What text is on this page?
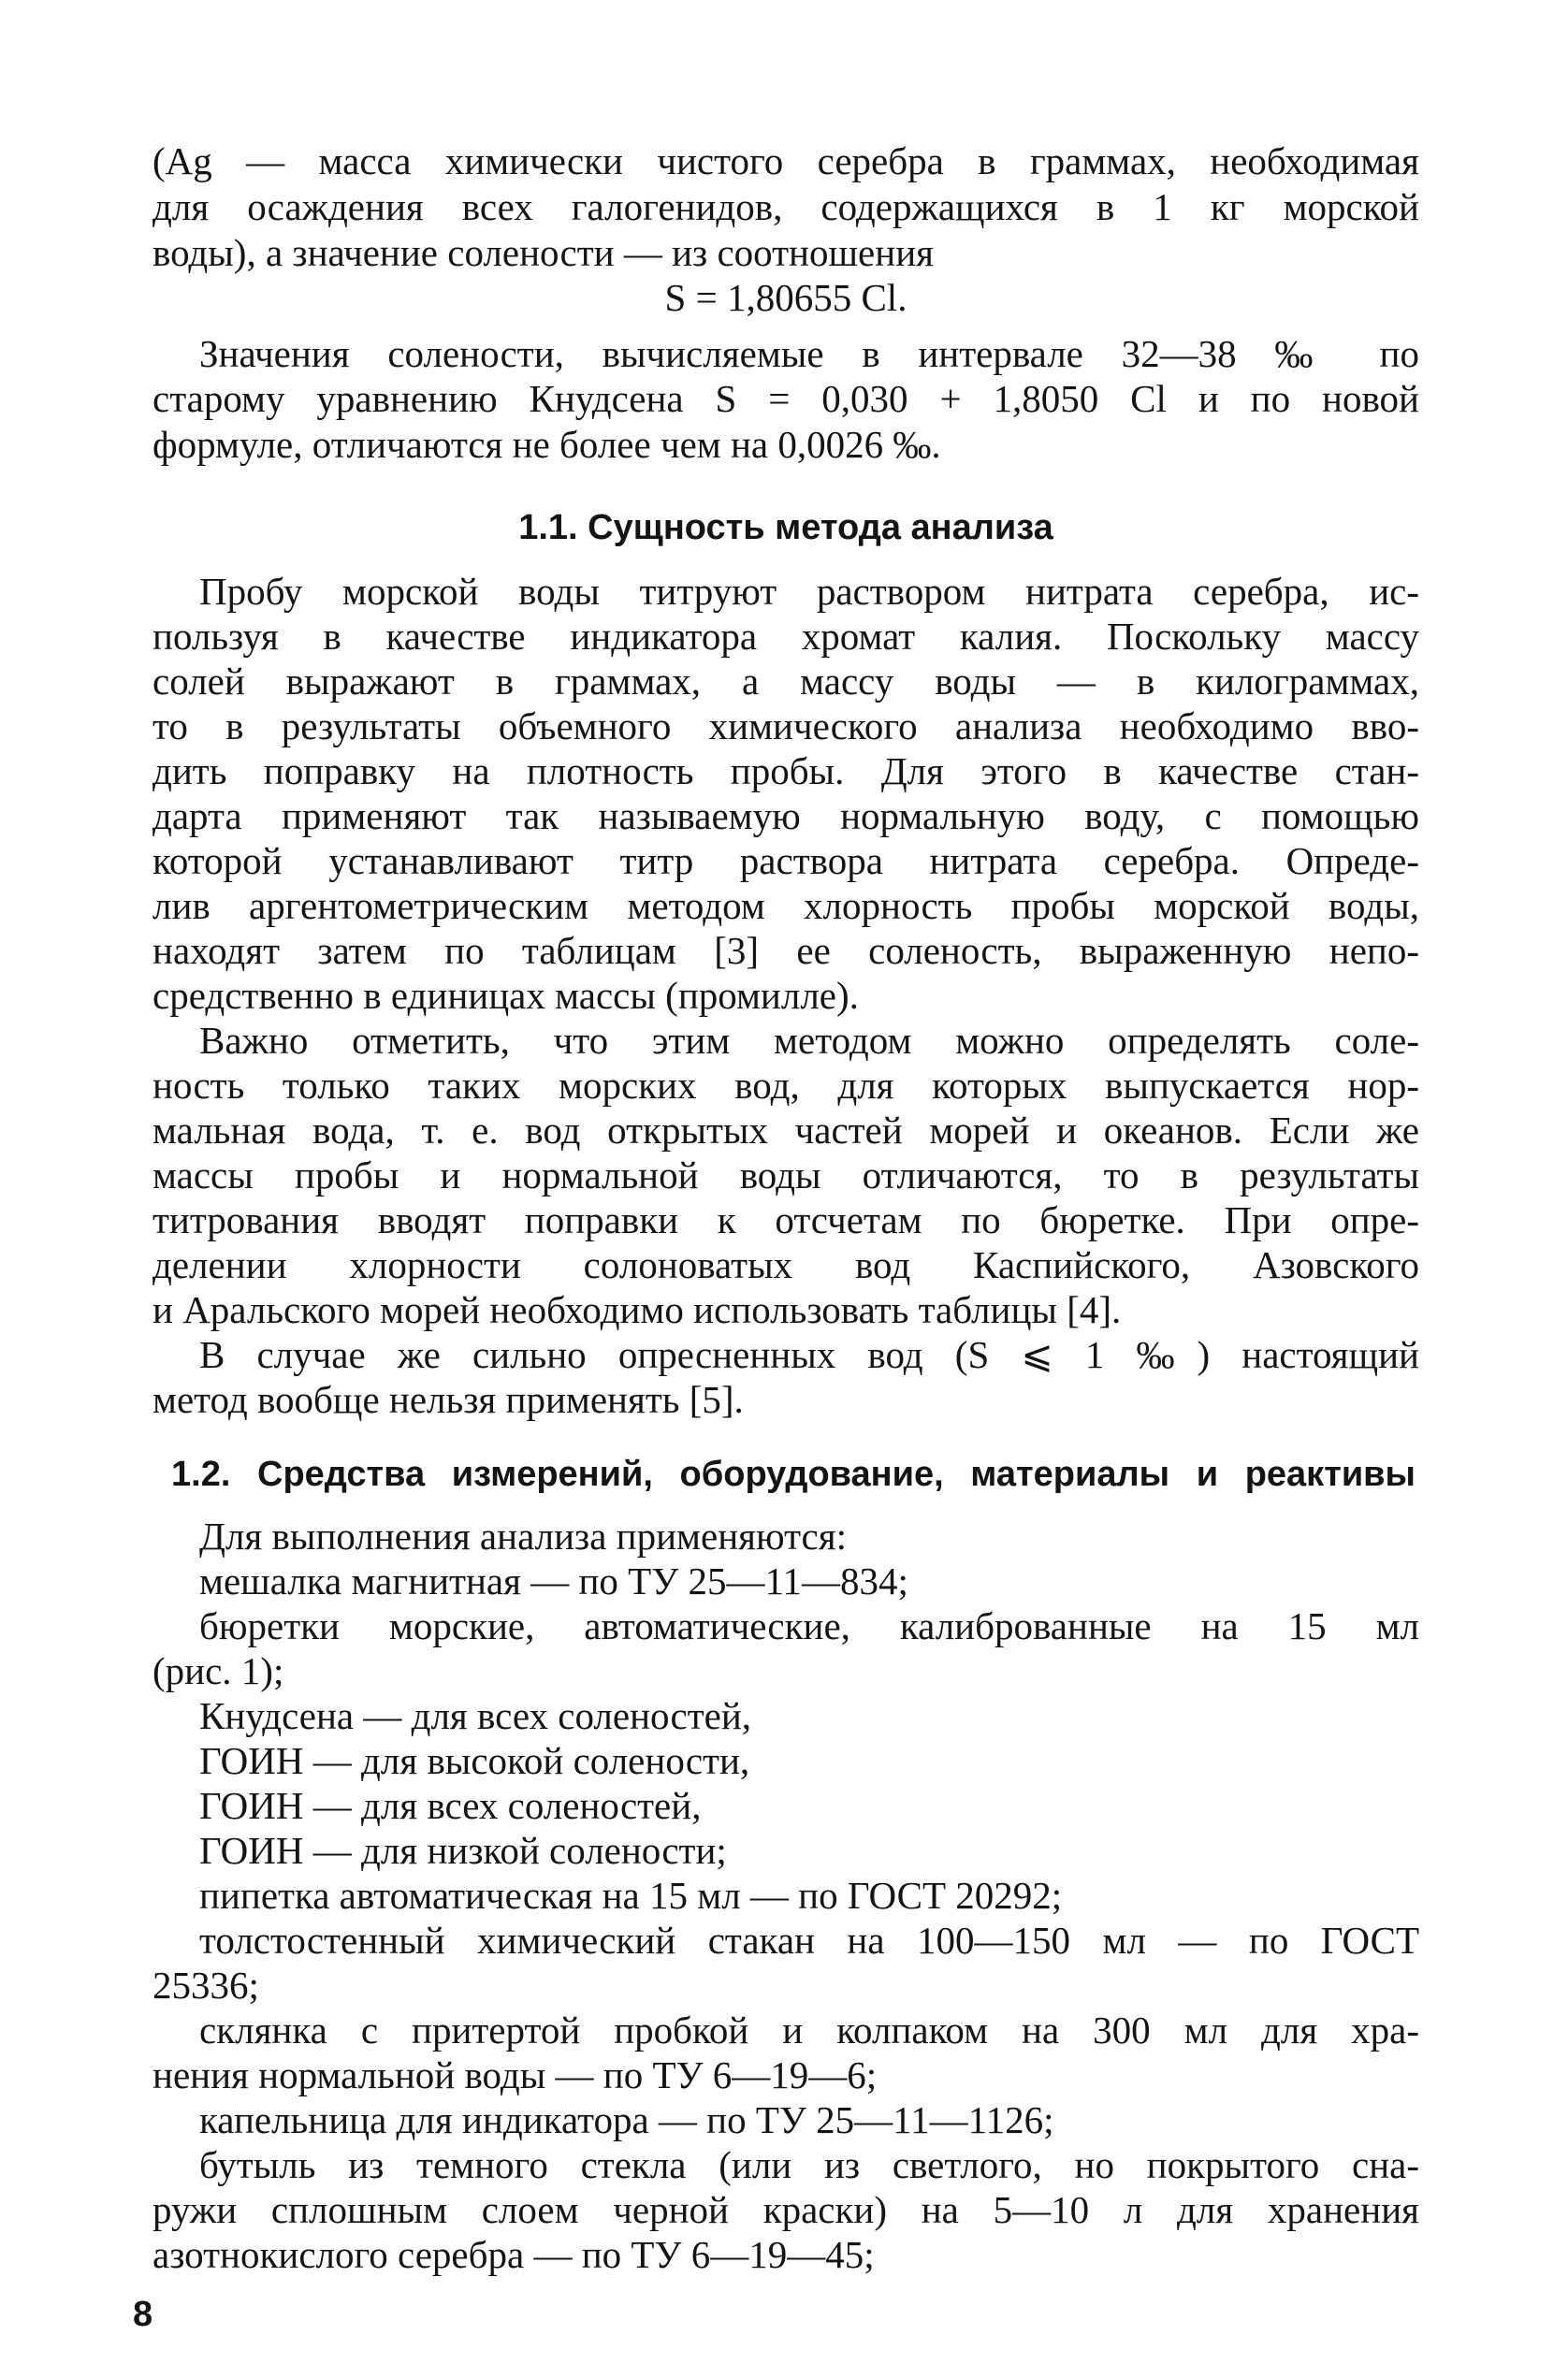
(Ag — масса химически чистого серебра в граммах, необходимая
для осаждения всех галогенидов, содержащихся в 1 кг морской
воды), а значение солености — из соотношения
S = 1,80655 Cl.
Значения солености, вычисляемые в интервале 32—38 ‰ по
старому уравнению Кнудсена S = 0,030 + 1,8050 Cl и по новой
формуле, отличаются не более чем на 0,0026 ‰.
1.1. Сущность метода анализа
Пробу морской воды титруют раствором нитрата серебра, ис-
пользуя в качестве индикатора хромат калия. Поскольку массу
солей выражают в граммах, а массу воды — в килограммах,
то в результаты объемного химического анализа необходимо вво-
дить поправку на плотность пробы. Для этого в качестве стан-
дарта применяют так называемую нормальную воду, с помощью
которой устанавливают титр раствора нитрата серебра. Опреде-
лив аргентометрическим методом хлорность пробы морской воды,
находят затем по таблицам [3] ее соленость, выраженную непо-
средственно в единицах массы (промилле).
Важно отметить, что этим методом можно определять соле-
ность только таких морских вод, для которых выпускается нор-
мальная вода, т. е. вод открытых частей морей и океанов. Если же
массы пробы и нормальной воды отличаются, то в результаты
титрования вводят поправки к отсчетам по бюретке. При опре-
делении хлорности солоноватых вод Каспийского, Азовского
и Аральского морей необходимо использовать таблицы [4].
В случае же сильно опресненных вод (S ⩽ 1 ‰) настоящий
метод вообще нельзя применять [5].
1.2. Средства измерений, оборудование, материалы и реактивы
Для выполнения анализа применяются:
мешалка магнитная — по ТУ 25—11—834;
бюретки морские, автоматические, калиброванные на 15 мл
(рис. 1);
Кнудсена — для всех соленостей,
ГОИН — для высокой солености,
ГОИН — для всех соленостей,
ГОИН — для низкой солености;
пипетка автоматическая на 15 мл — по ГОСТ 20292;
толстостенный химический стакан на 100—150 мл — по ГОСТ
25336;
склянка с притертой пробкой и колпаком на 300 мл для хра-
нения нормальной воды — по ТУ 6—19—6;
капельница для индикатора — по ТУ 25—11—1126;
бутыль из темного стекла (или из светлого, но покрытого сна-
ружи сплошным слоем черной краски) на 5—10 л для хранения
азотнокислого серебра — по ТУ 6—19—45;
8
